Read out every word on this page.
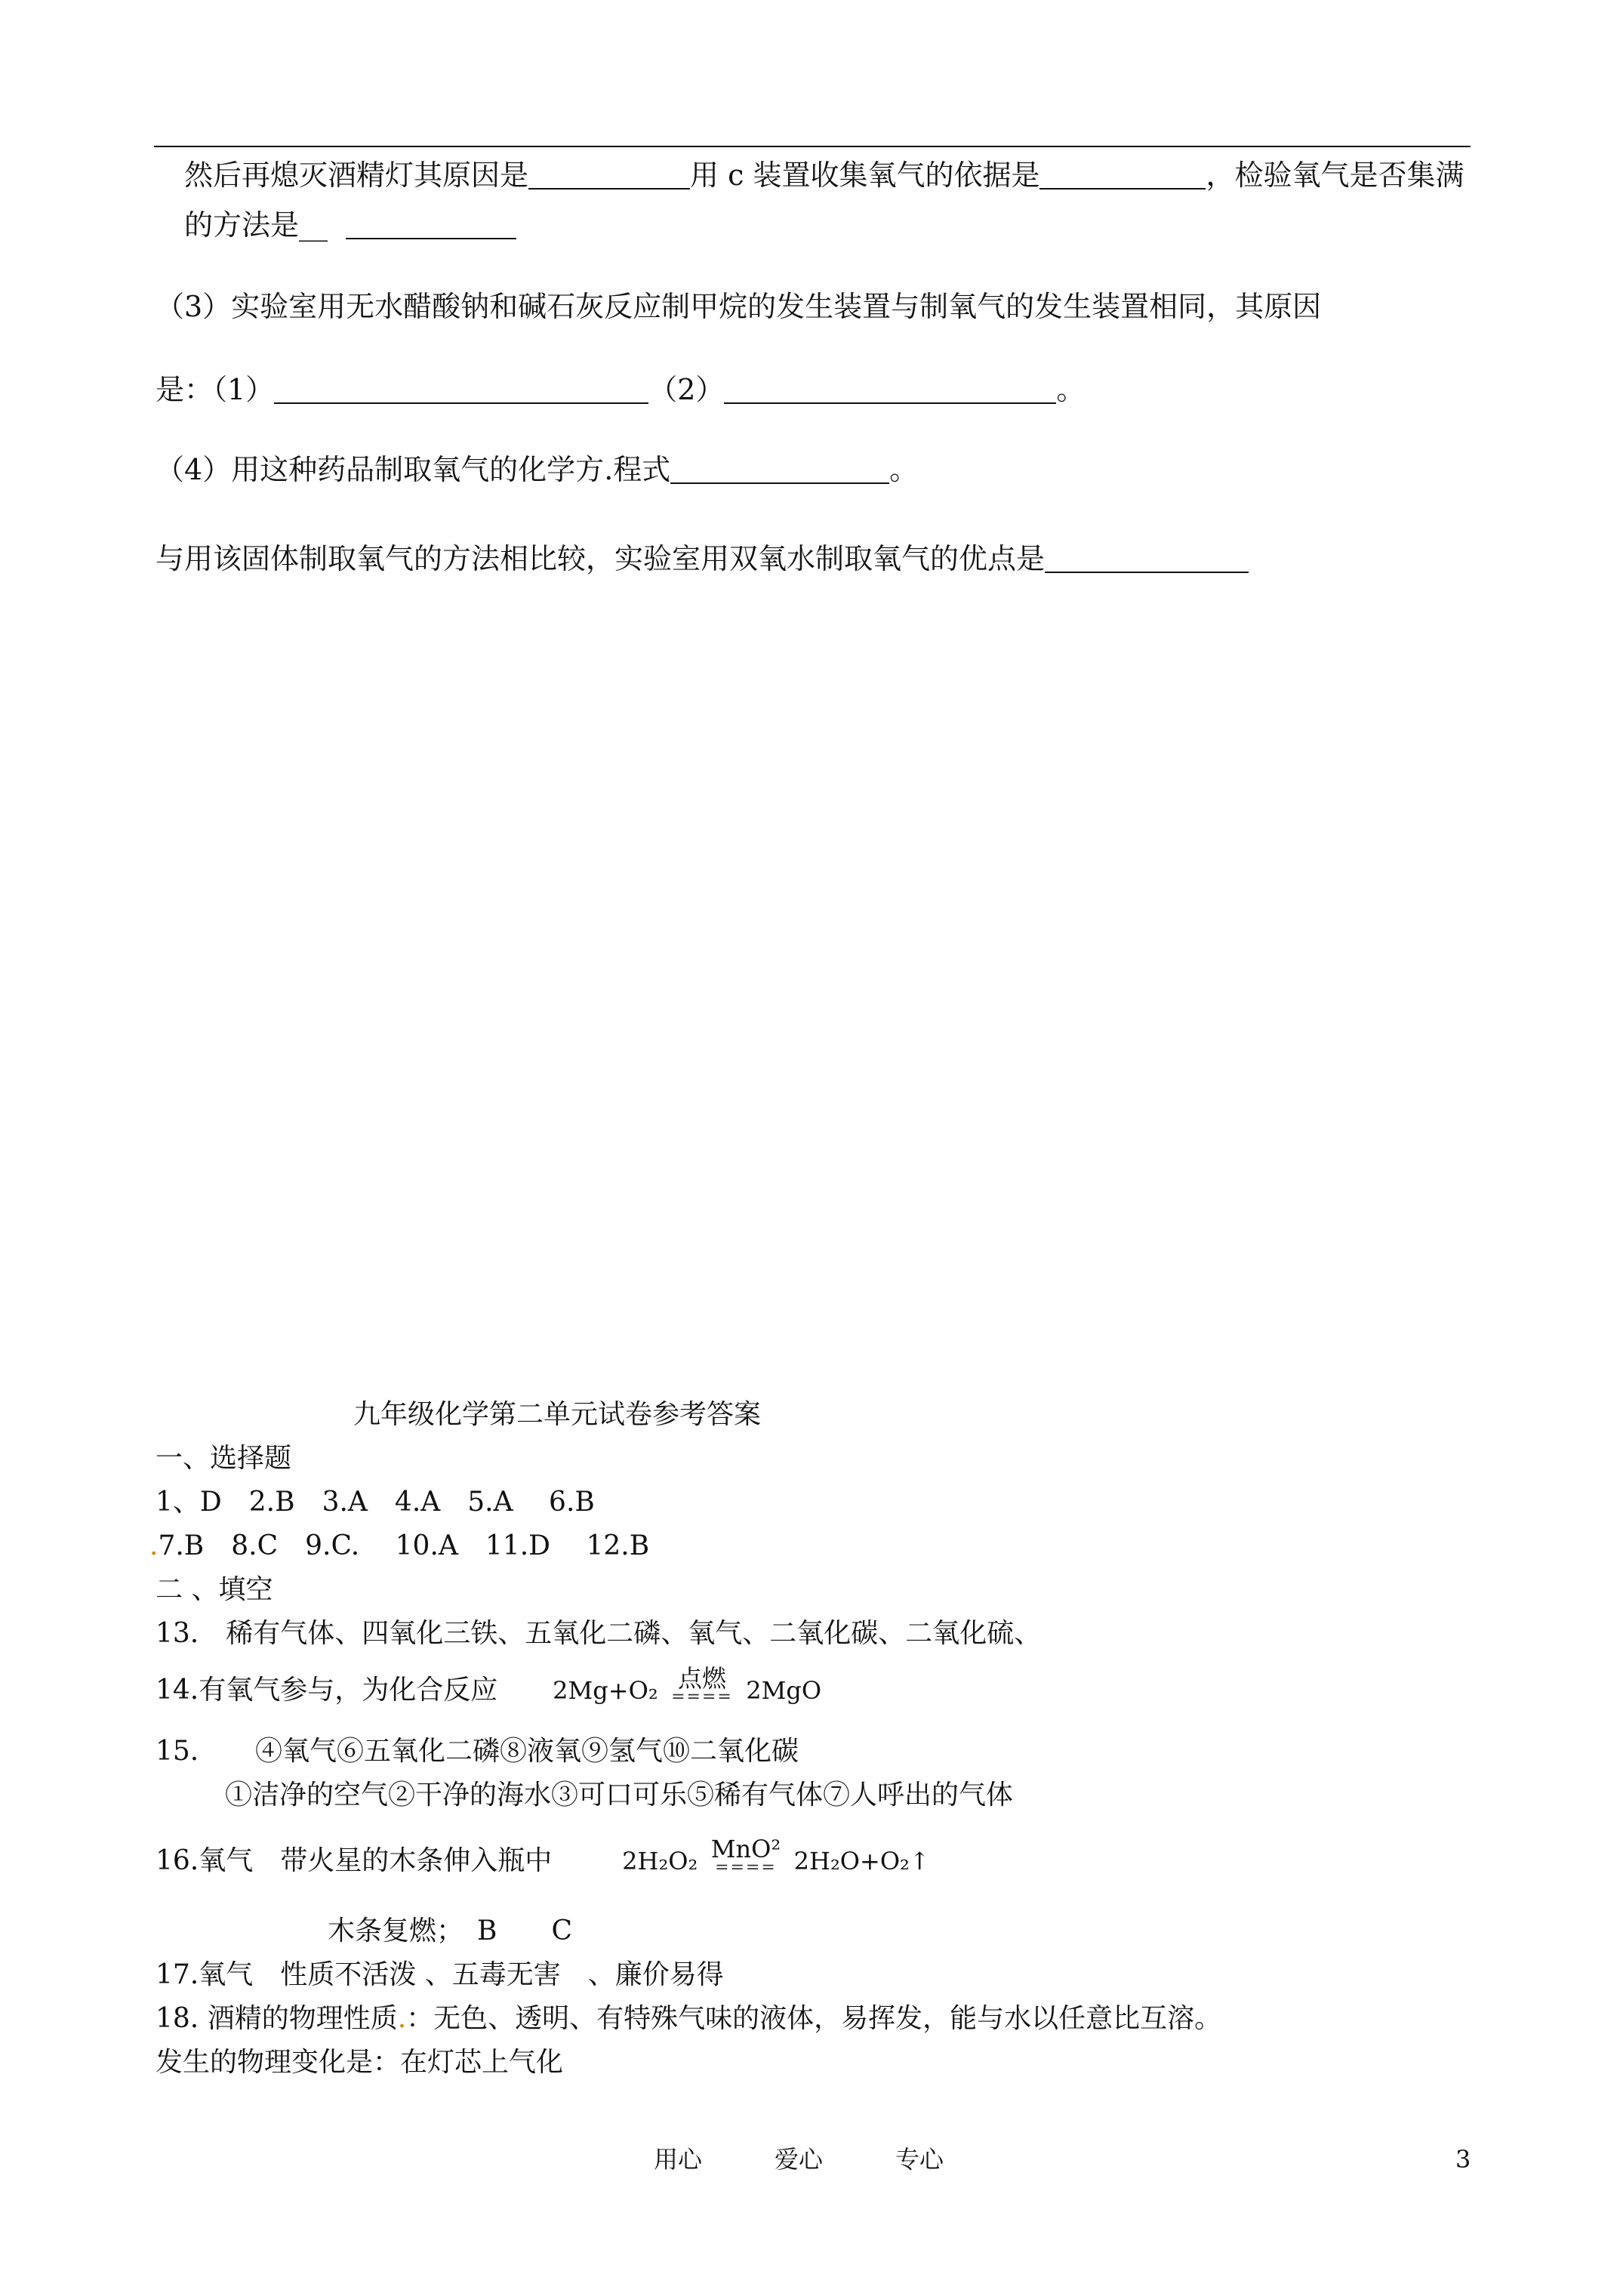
然后再熄灭酒精灯其原因是	用 c 装置收集氧气的依据是	，检验氧气是否集满
的方法是__
（3）实验室用无水醋酸钠和碱石灰反应制甲烷的发生装置与制氧气的发生装置相同，其原因
是：（1）	（2）	。
（4）用这种药品制取氧气的化学方.程式	。
与用该固体制取氧气的方法相比较，实验室用双氧水制取氧气的优点是
九年级化学第二单元试卷参考答案
一、选择题
1、D　2.B　3.A　4.A　5.A　 6.B
.7.B　8.C　9.C.　 10.A　11.D　 12.B
二 、填空
13.　稀有气体、四氧化三铁、五氧化二磷、氧气、二氧化碳、二氧化硫、
14.有氧气参与，为化合反应 2Mg+O₂ 点燃
==== 2MgO
15. ④氧气⑥五氧化二磷⑧液氧⑨氢气⑩二氧化碳
①洁净的空气②干净的海水③可口可乐⑤稀有气体⑦人呼出的气体
16.氧气　带火星的木条伸入瓶中	2H₂O₂ MnO²
==== 2H₂O+O₂↑
木条复燃；　B　　C
17.氧气　性质不活泼 、五毒无害　、廉价易得
18. 酒精的物理性质.：无色、透明、有特殊气味的液体，易挥发，能与水以任意比互溶。
发生的物理变化是：在灯芯上气化
用心　　　爱心　　　专心	3
